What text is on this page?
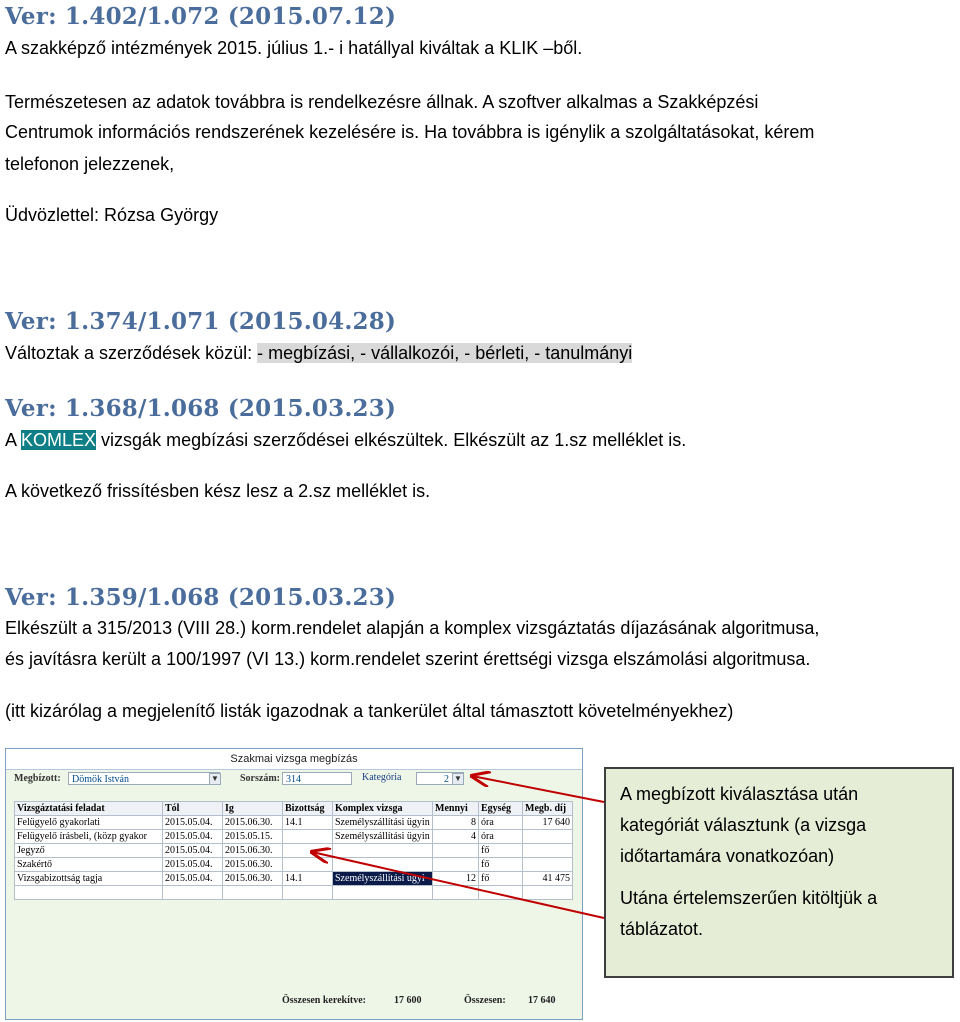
Ver: 1.402/1.072 (2015.07.12)
A szakképző intézmények 2015. július 1.- i hatállyal kiváltak a KLIK –ből.
Természetesen az adatok továbbra is rendelkezésre állnak. A szoftver alkalmas a Szakképzési
Centrumok információs rendszerének kezelésére is. Ha továbbra is igénylik a szolgáltatásokat, kérem
telefonon jelezzenek,
Üdvözlettel: Rózsa György
Ver: 1.374/1.071 (2015.04.28)
Változtak a szerződések közül: - megbízási, - vállalkozói, - bérleti, - tanulmányi
Ver: 1.368/1.068 (2015.03.23)
A KOMLEX vizsgák megbízási szerződései elkészültek. Elkészült az 1.sz melléklet is.
A következő frissítésben kész lesz a 2.sz melléklet is.
Ver: 1.359/1.068 (2015.03.23)
Elkészült a 315/2013 (VIII 28.) korm.rendelet alapján a komplex vizsgáztatás díjazásának algoritmusa,
és javításra került a 100/1997 (VI 13.) korm.rendelet szerint érettségi vizsga elszámolási algoritmusa.
(itt kizárólag a megjelenítő listák igazodnak a tankerület által támasztott követelményekhez)
Szakmai vizsga megbízás
Megbízott:	Dömök István	▼ Sorszám: 314	Kategória	2 ▼
Vizsgáztatási feladat	Tól	Ig	Bizottság	Komplex vizsga	Mennyi	Egység	Megb. díj
Felügyelő gyakorlati	2015.05.04.	2015.06.30.	14.1	Személyszállítási ügyin	8	óra	17 640
Felügyelő írásbeli, (közp gyakor	2015.05.04.	2015.05.15.		Személyszállítási ügyin	4	óra	
Jegyző	2015.05.04.	2015.06.30.				fő	
Szakértő	2015.05.04.	2015.06.30.				fő	
Vizsgabizottság tagja	2015.05.04.	2015.06.30.	14.1	Személyszállítási ügyi	12	fő	41 475

Összesen kerekítve:	17 600	Összesen: 17 640

A megbízott kiválasztása után kategóriát választunk (a vizsga időtartamára vonatkozóan)

Utána értelemszerűen kitöltjük a táblázatot.
